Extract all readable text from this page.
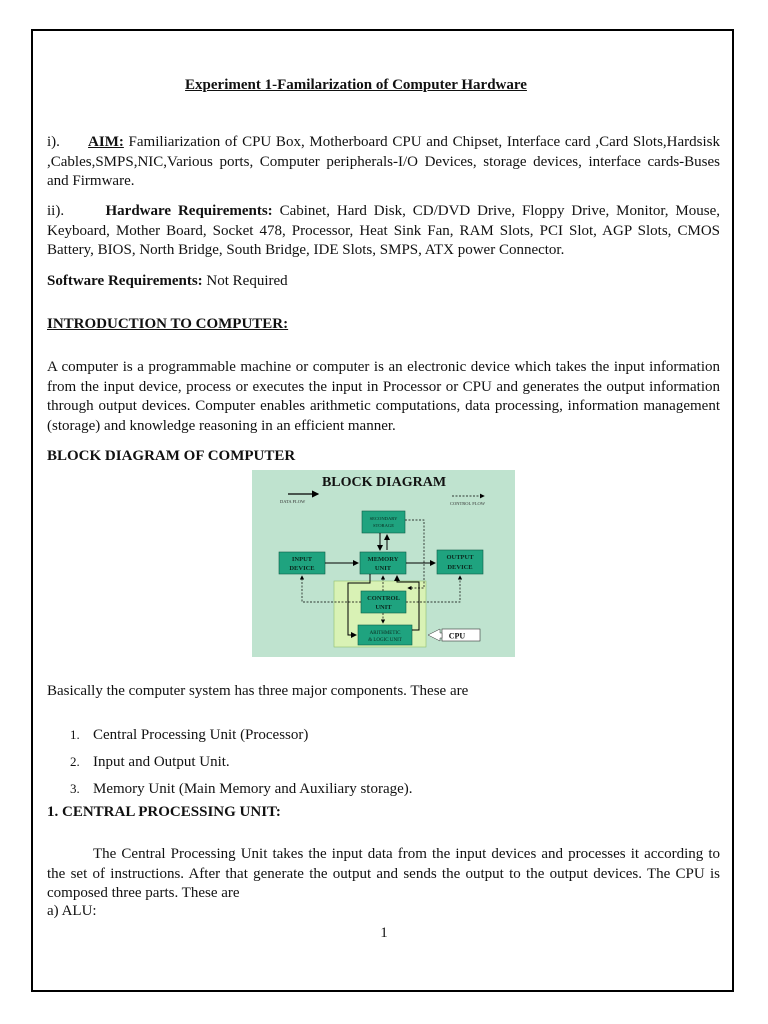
Experiment 1-Familarization of Computer Hardware

i). AIM: Familiarization of CPU Box, Motherboard CPU and Chipset, Interface card ,Card Slots,Hardsisk ,Cables,SMPS,NIC,Various ports, Computer peripherals-I/O Devices, storage devices, interface cards-Buses and Firmware.

ii).	Hardware Requirements: Cabinet, Hard Disk, CD/DVD Drive, Floppy Drive, Monitor, Mouse, Keyboard, Mother Board, Socket 478, Processor, Heat Sink Fan, RAM Slots, PCI Slot, AGP Slots, CMOS Battery, BIOS, North Bridge, South Bridge, IDE Slots, SMPS, ATX power Connector.

Software Requirements: Not Required

INTRODUCTION TO COMPUTER:

A computer is a programmable machine or computer is an electronic device which takes the input information from the input device, process or executes the input in Processor or CPU and generates the output information through output devices. Computer enables arithmetic computations, data processing, information management (storage) and knowledge reasoning in an efficient manner.

BLOCK DIAGRAM OF COMPUTER

BLOCK DIAGRAM
DATA FLOW	CONTROL FLOW
SECONDARY
STORAGE
INPUT
DEVICE
MEMORY
UNIT
OUTPUT
DEVICE
CONTROL
UNIT
ARITHMETIC
& LOGIC UNIT	CPU

Basically the computer system has three major components. These are

1. Central Processing Unit (Processor)
2. Input and Output Unit.
3. Memory Unit (Main Memory and Auxiliary storage).

1. CENTRAL PROCESSING UNIT:

The Central Processing Unit takes the input data from the input devices and processes it according to the set of instructions. After that generate the output and sends the output to the output devices. The CPU is composed three parts. These are

a) ALU:

1
